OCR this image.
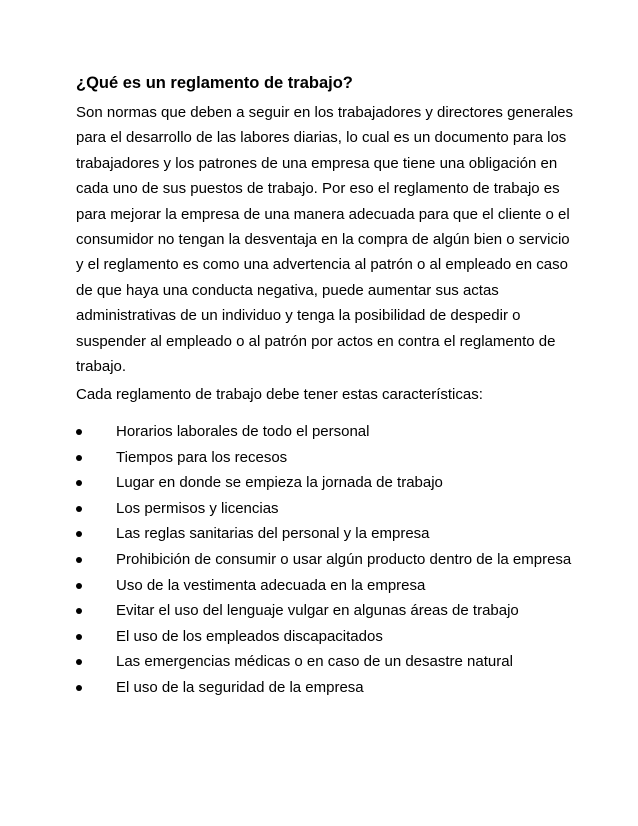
¿Qué es un reglamento de trabajo?

Son normas que deben a seguir en los trabajadores y directores generales
para el desarrollo de las labores diarias, lo cual es un documento para los
trabajadores y los patrones de una empresa que tiene una obligación en
cada uno de sus puestos de trabajo. Por eso el reglamento de trabajo es
para mejorar la empresa de una manera adecuada para que el cliente o el
consumidor no tengan la desventaja en la compra de algún bien o servicio
y el reglamento es como una advertencia al patrón o al empleado en caso
de que haya una conducta negativa, puede aumentar sus actas
administrativas de un individuo y tenga la posibilidad de despedir o
suspender al empleado o al patrón por actos en contra el reglamento de
trabajo.

Cada reglamento de trabajo debe tener estas características:

Horarios laborales de todo el personal
Tiempos para los recesos
Lugar en donde se empieza la jornada de trabajo
Los permisos y licencias
Las reglas sanitarias del personal y la empresa
Prohibición de consumir o usar algún producto dentro de la empresa
Uso de la vestimenta adecuada en la empresa
Evitar el uso del lenguaje vulgar en algunas áreas de trabajo
El uso de los empleados discapacitados
Las emergencias médicas o en caso de un desastre natural
El uso de la seguridad de la empresa
